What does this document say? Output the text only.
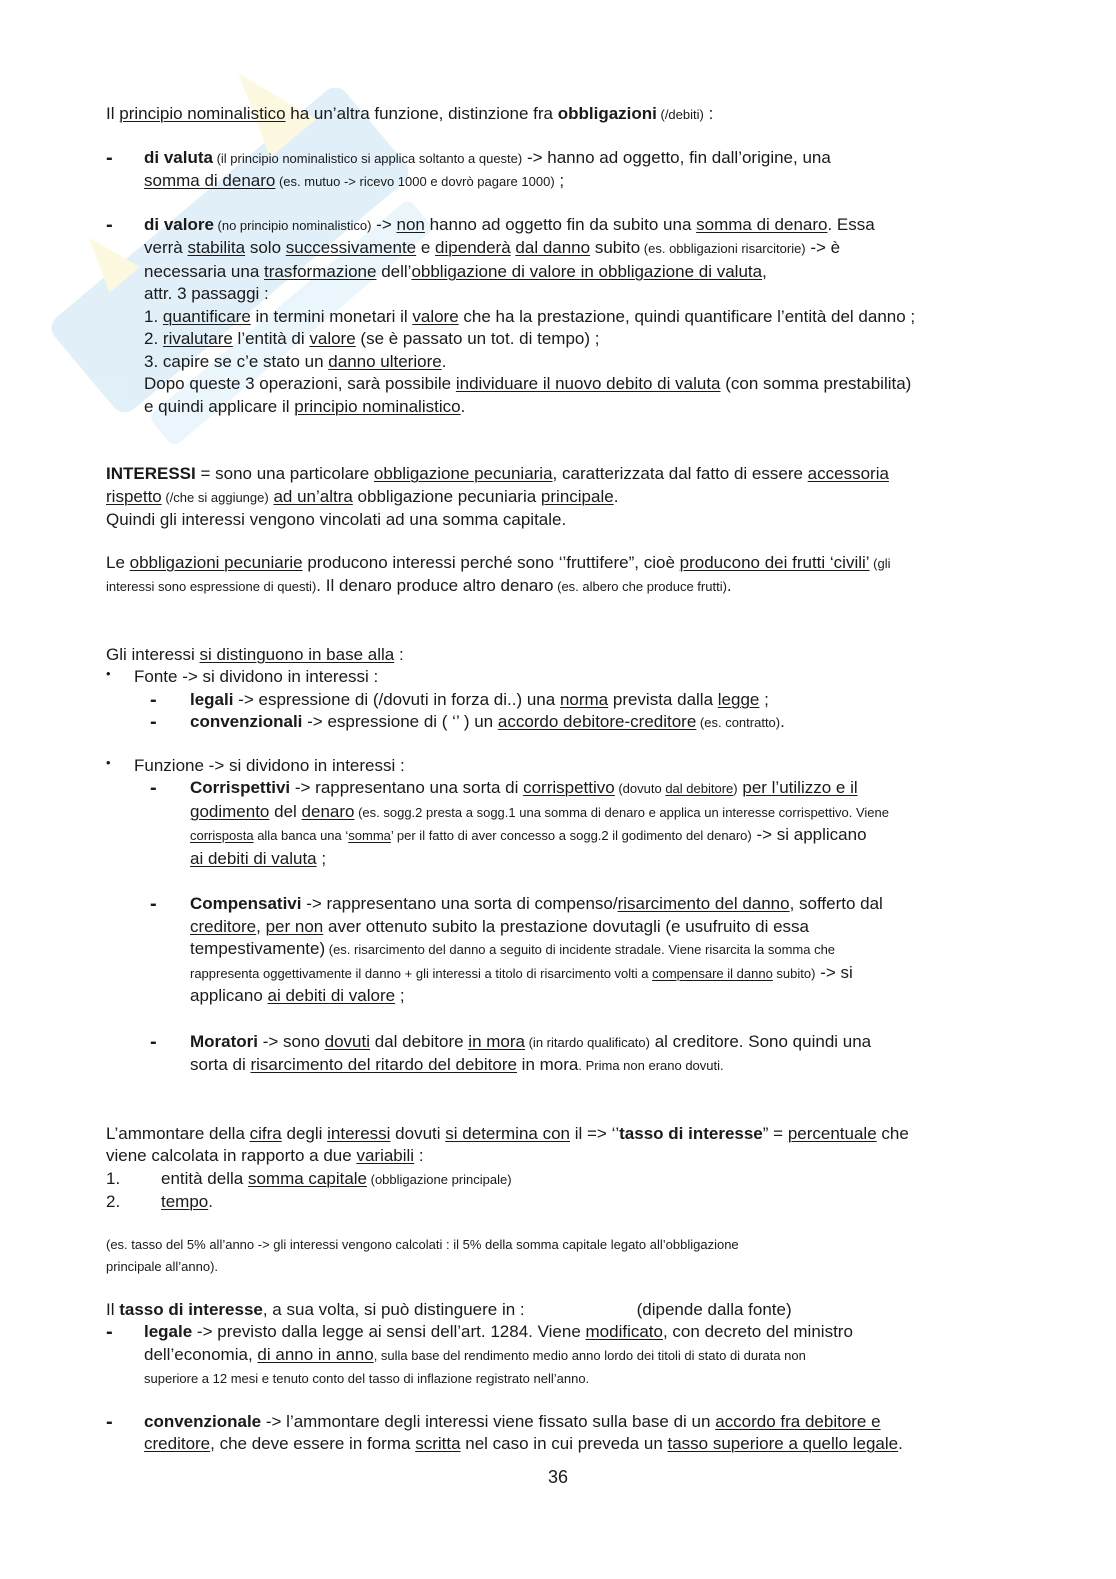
Il principio nominalistico ha un’altra funzione, distinzione fra obbligazioni (/debiti) :
- di valuta (il principio nominalistico si applica soltanto a queste) -> hanno ad oggetto, fin dall’origine, una
somma di denaro (es. mutuo -> ricevo 1000 e dovrò pagare 1000) ;
- di valore (no principio nominalistico) -> non hanno ad oggetto fin da subito una somma di denaro. Essa
verrà stabilita solo successivamente e dipenderà dal danno subito (es. obbligazioni risarcitorie) -> è
necessaria una trasformazione dell’obbligazione di valore in obbligazione di valuta,
attr. 3 passaggi :
1. quantificare in termini monetari il valore che ha la prestazione, quindi quantificare l’entità del danno ;
2. rivalutare l’entità di valore (se è passato un tot. di tempo) ;
3. capire se c’e stato un danno ulteriore.
Dopo queste 3 operazioni, sarà possibile individuare il nuovo debito di valuta (con somma prestabilita)
e quindi applicare il principio nominalistico.
INTERESSI = sono una particolare obbligazione pecuniaria, caratterizzata dal fatto di essere accessoria
rispetto (/che si aggiunge) ad un’altra obbligazione pecuniaria principale.
Quindi gli interessi vengono vincolati ad una somma capitale.
Le obbligazioni pecuniarie producono interessi perché sono ‘’fruttifere”, cioè producono dei frutti ‘civili’ (gli
interessi sono espressione di questi). Il denaro produce altro denaro (es. albero che produce frutti).
Gli interessi si distinguono in base alla :
• Fonte -> si dividono in interessi :
- legali -> espressione di (/dovuti in forza di..) una norma prevista dalla legge ;
- convenzionali -> espressione di ( ‘’ ) un accordo debitore-creditore (es. contratto).
• Funzione -> si dividono in interessi :
- Corrispettivi -> rappresentano una sorta di corrispettivo (dovuto dal debitore) per l’utilizzo e il
godimento del denaro (es. sogg.2 presta a sogg.1 una somma di denaro e applica un interesse corrispettivo. Viene
corrisposta alla banca una ‘somma’ per il fatto di aver concesso a sogg.2 il godimento del denaro) -> si applicano
ai debiti di valuta ;
- Compensativi -> rappresentano una sorta di compenso/risarcimento del danno, sofferto dal
creditore, per non aver ottenuto subito la prestazione dovutagli (e usufruito di essa
tempestivamente) (es. risarcimento del danno a seguito di incidente stradale. Viene risarcita la somma che
rappresenta oggettivamente il danno + gli interessi a titolo di risarcimento volti a compensare il danno subito) -> si
applicano ai debiti di valore ;
- Moratori -> sono dovuti dal debitore in mora (in ritardo qualificato) al creditore. Sono quindi una
sorta di risarcimento del ritardo del debitore in mora. Prima non erano dovuti.
L’ammontare della cifra degli interessi dovuti si determina con il => ‘’tasso di interesse” = percentuale che
viene calcolata in rapporto a due variabili :
1. entità della somma capitale (obbligazione principale)
2. tempo.
(es. tasso del 5% all’anno -> gli interessi vengono calcolati : il 5% della somma capitale legato all’obbligazione
principale all’anno).
Il tasso di interesse, a sua volta, si può distinguere in :	(dipende dalla fonte)
- legale -> previsto dalla legge ai sensi dell’art. 1284. Viene modificato, con decreto del ministro
dell’economia, di anno in anno, sulla base del rendimento medio anno lordo dei titoli di stato di durata non
superiore a 12 mesi e tenuto conto del tasso di inflazione registrato nell’anno.
- convenzionale -> l’ammontare degli interessi viene fissato sulla base di un accordo fra debitore e
creditore, che deve essere in forma scritta nel caso in cui preveda un tasso superiore a quello legale.
36
